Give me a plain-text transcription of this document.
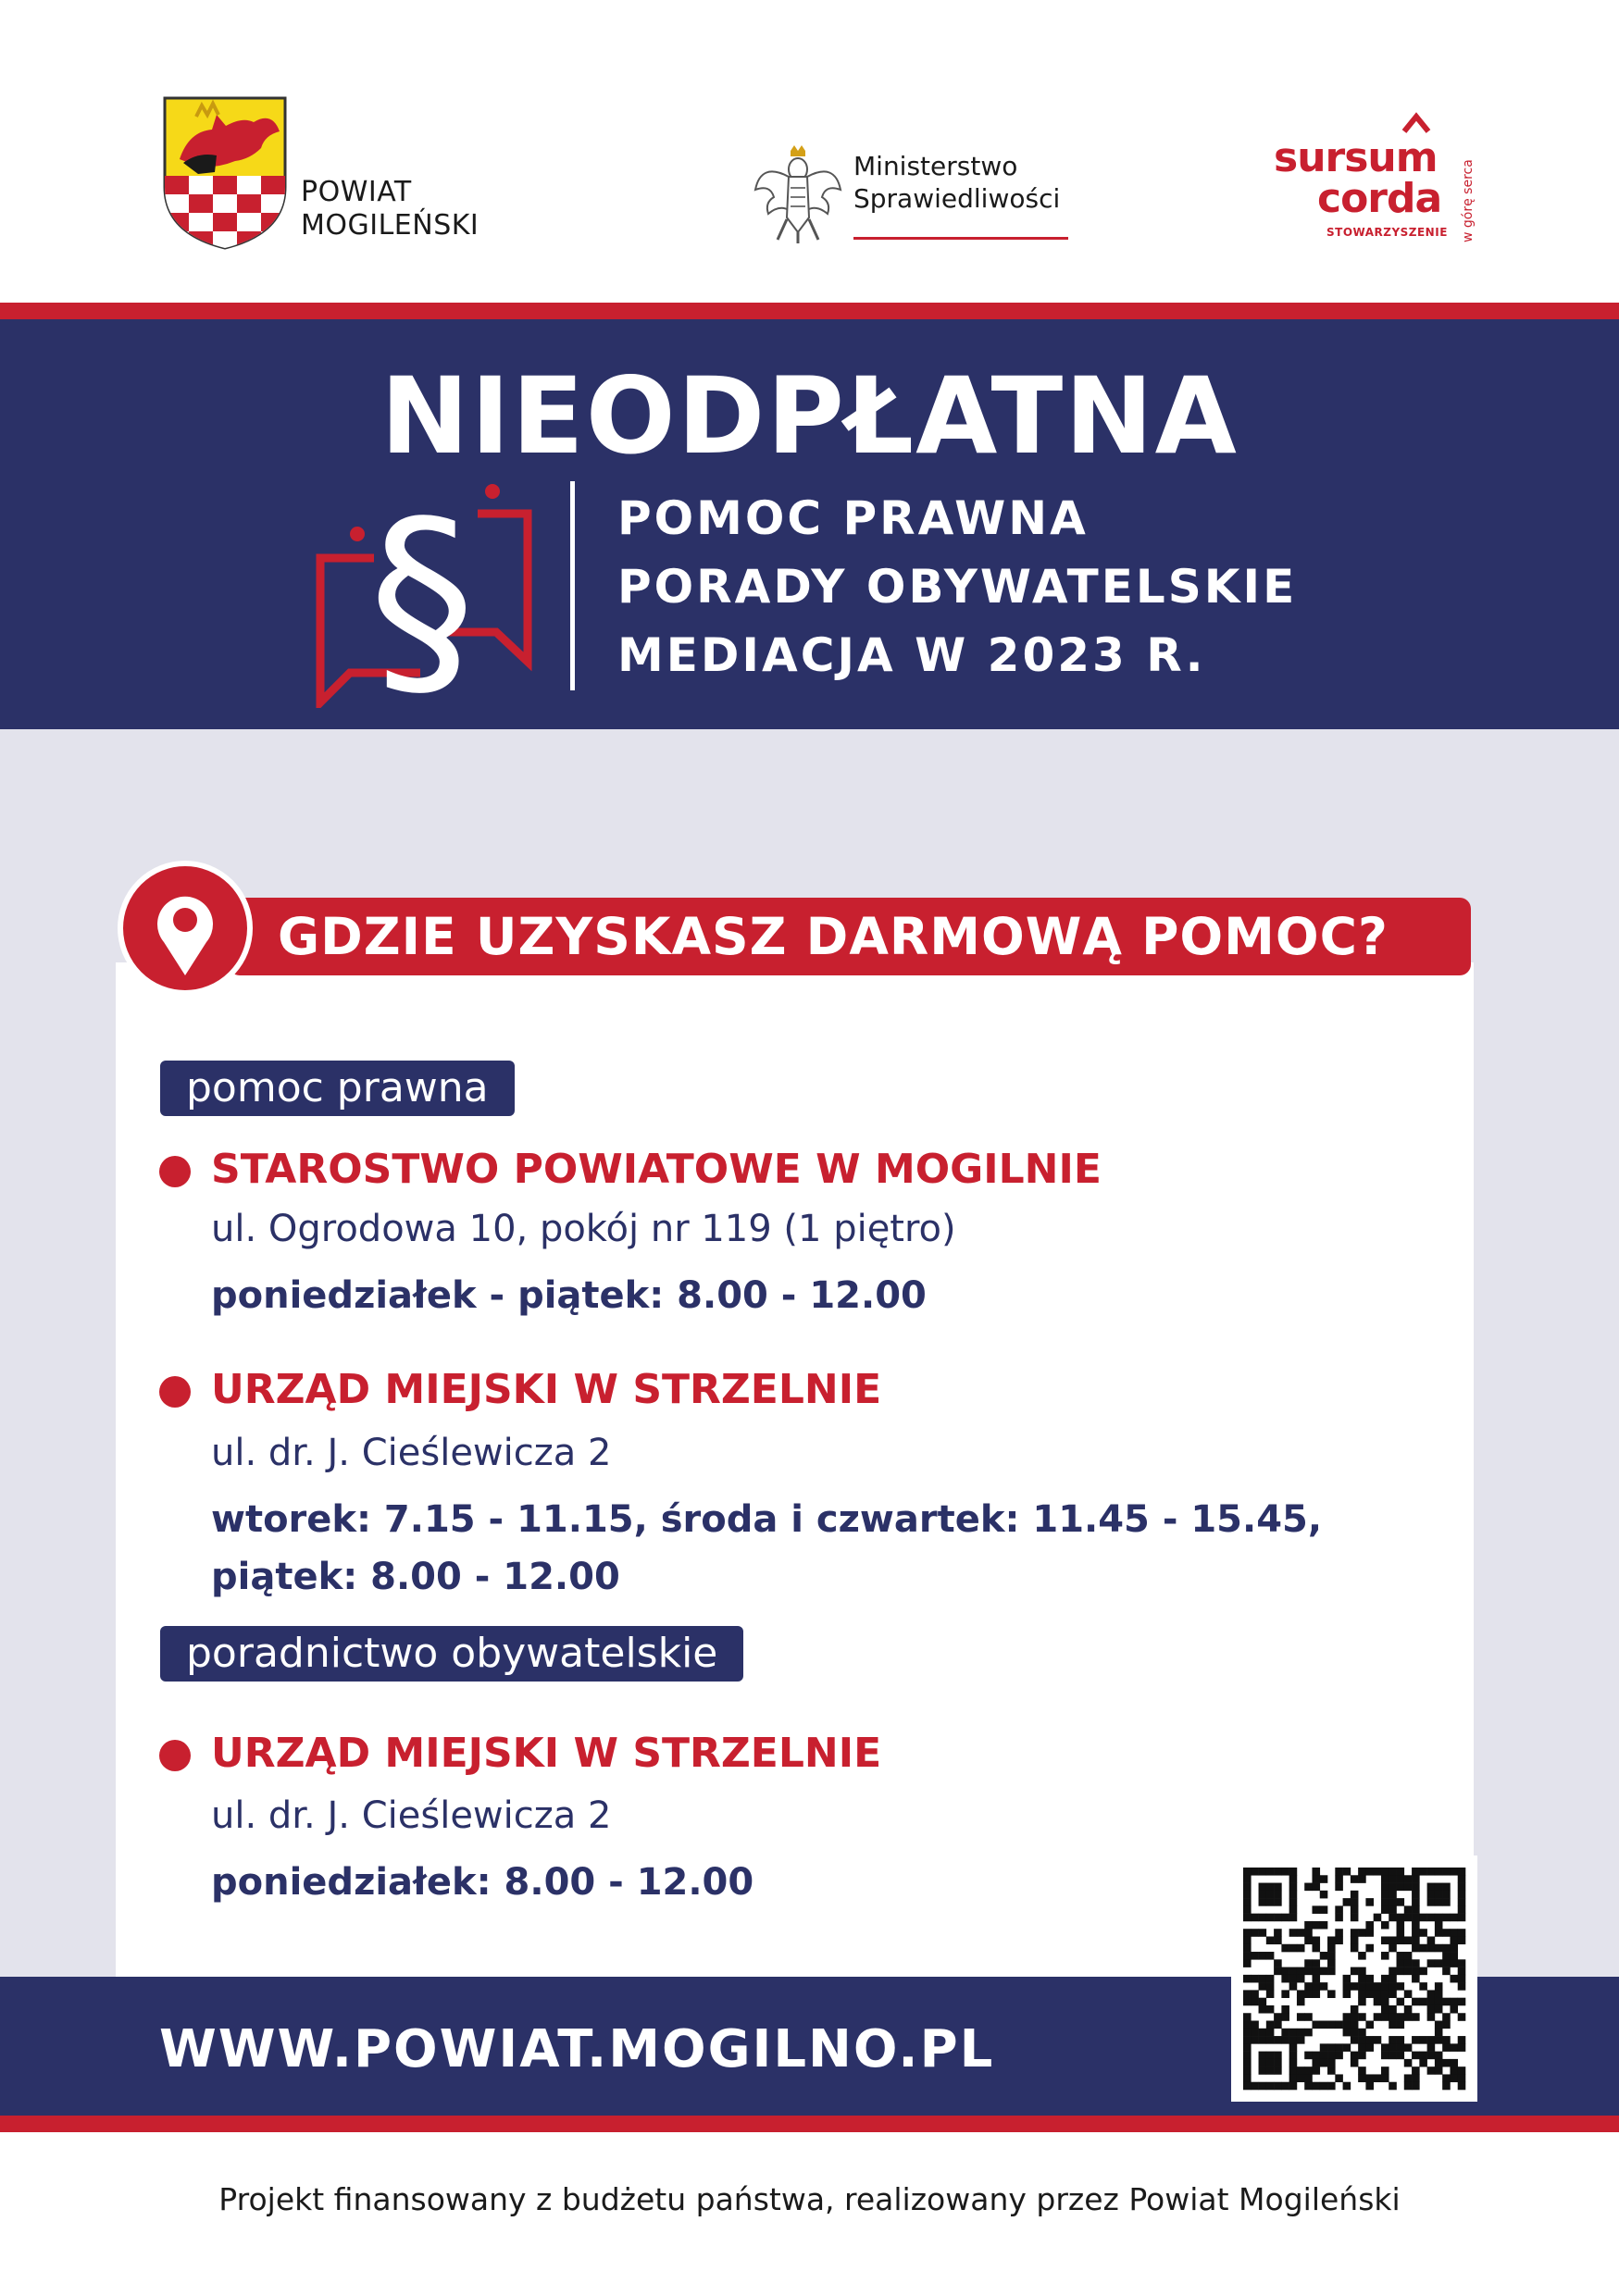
POWIAT
MOGILEŃSKI
Ministerstwo
Sprawiedliwości
sursum
corda
STOWARZYSZENIE w górę serca
NIEODPŁATNA
§	POMOC PRAWNA
PORADY OBYWATELSKIE
MEDIACJA W 2023 R.
GDZIE UZYSKASZ DARMOWĄ POMOC?
pomoc prawna
STAROSTWO POWIATOWE W MOGILNIE
ul. Ogrodowa 10, pokój nr 119 (1 piętro)
poniedziałek - piątek: 8.00 - 12.00
URZĄD MIEJSKI W STRZELNIE
ul. dr. J. Cieślewicza 2
wtorek: 7.15 - 11.15, środa i czwartek: 11.45 - 15.45,
piątek: 8.00 - 12.00
poradnictwo obywatelskie
URZĄD MIEJSKI W STRZELNIE
ul. dr. J. Cieślewicza 2
poniedziałek: 8.00 - 12.00
WWW.POWIAT.MOGILNO.PL
Projekt finansowany z budżetu państwa, realizowany przez Powiat Mogileński
